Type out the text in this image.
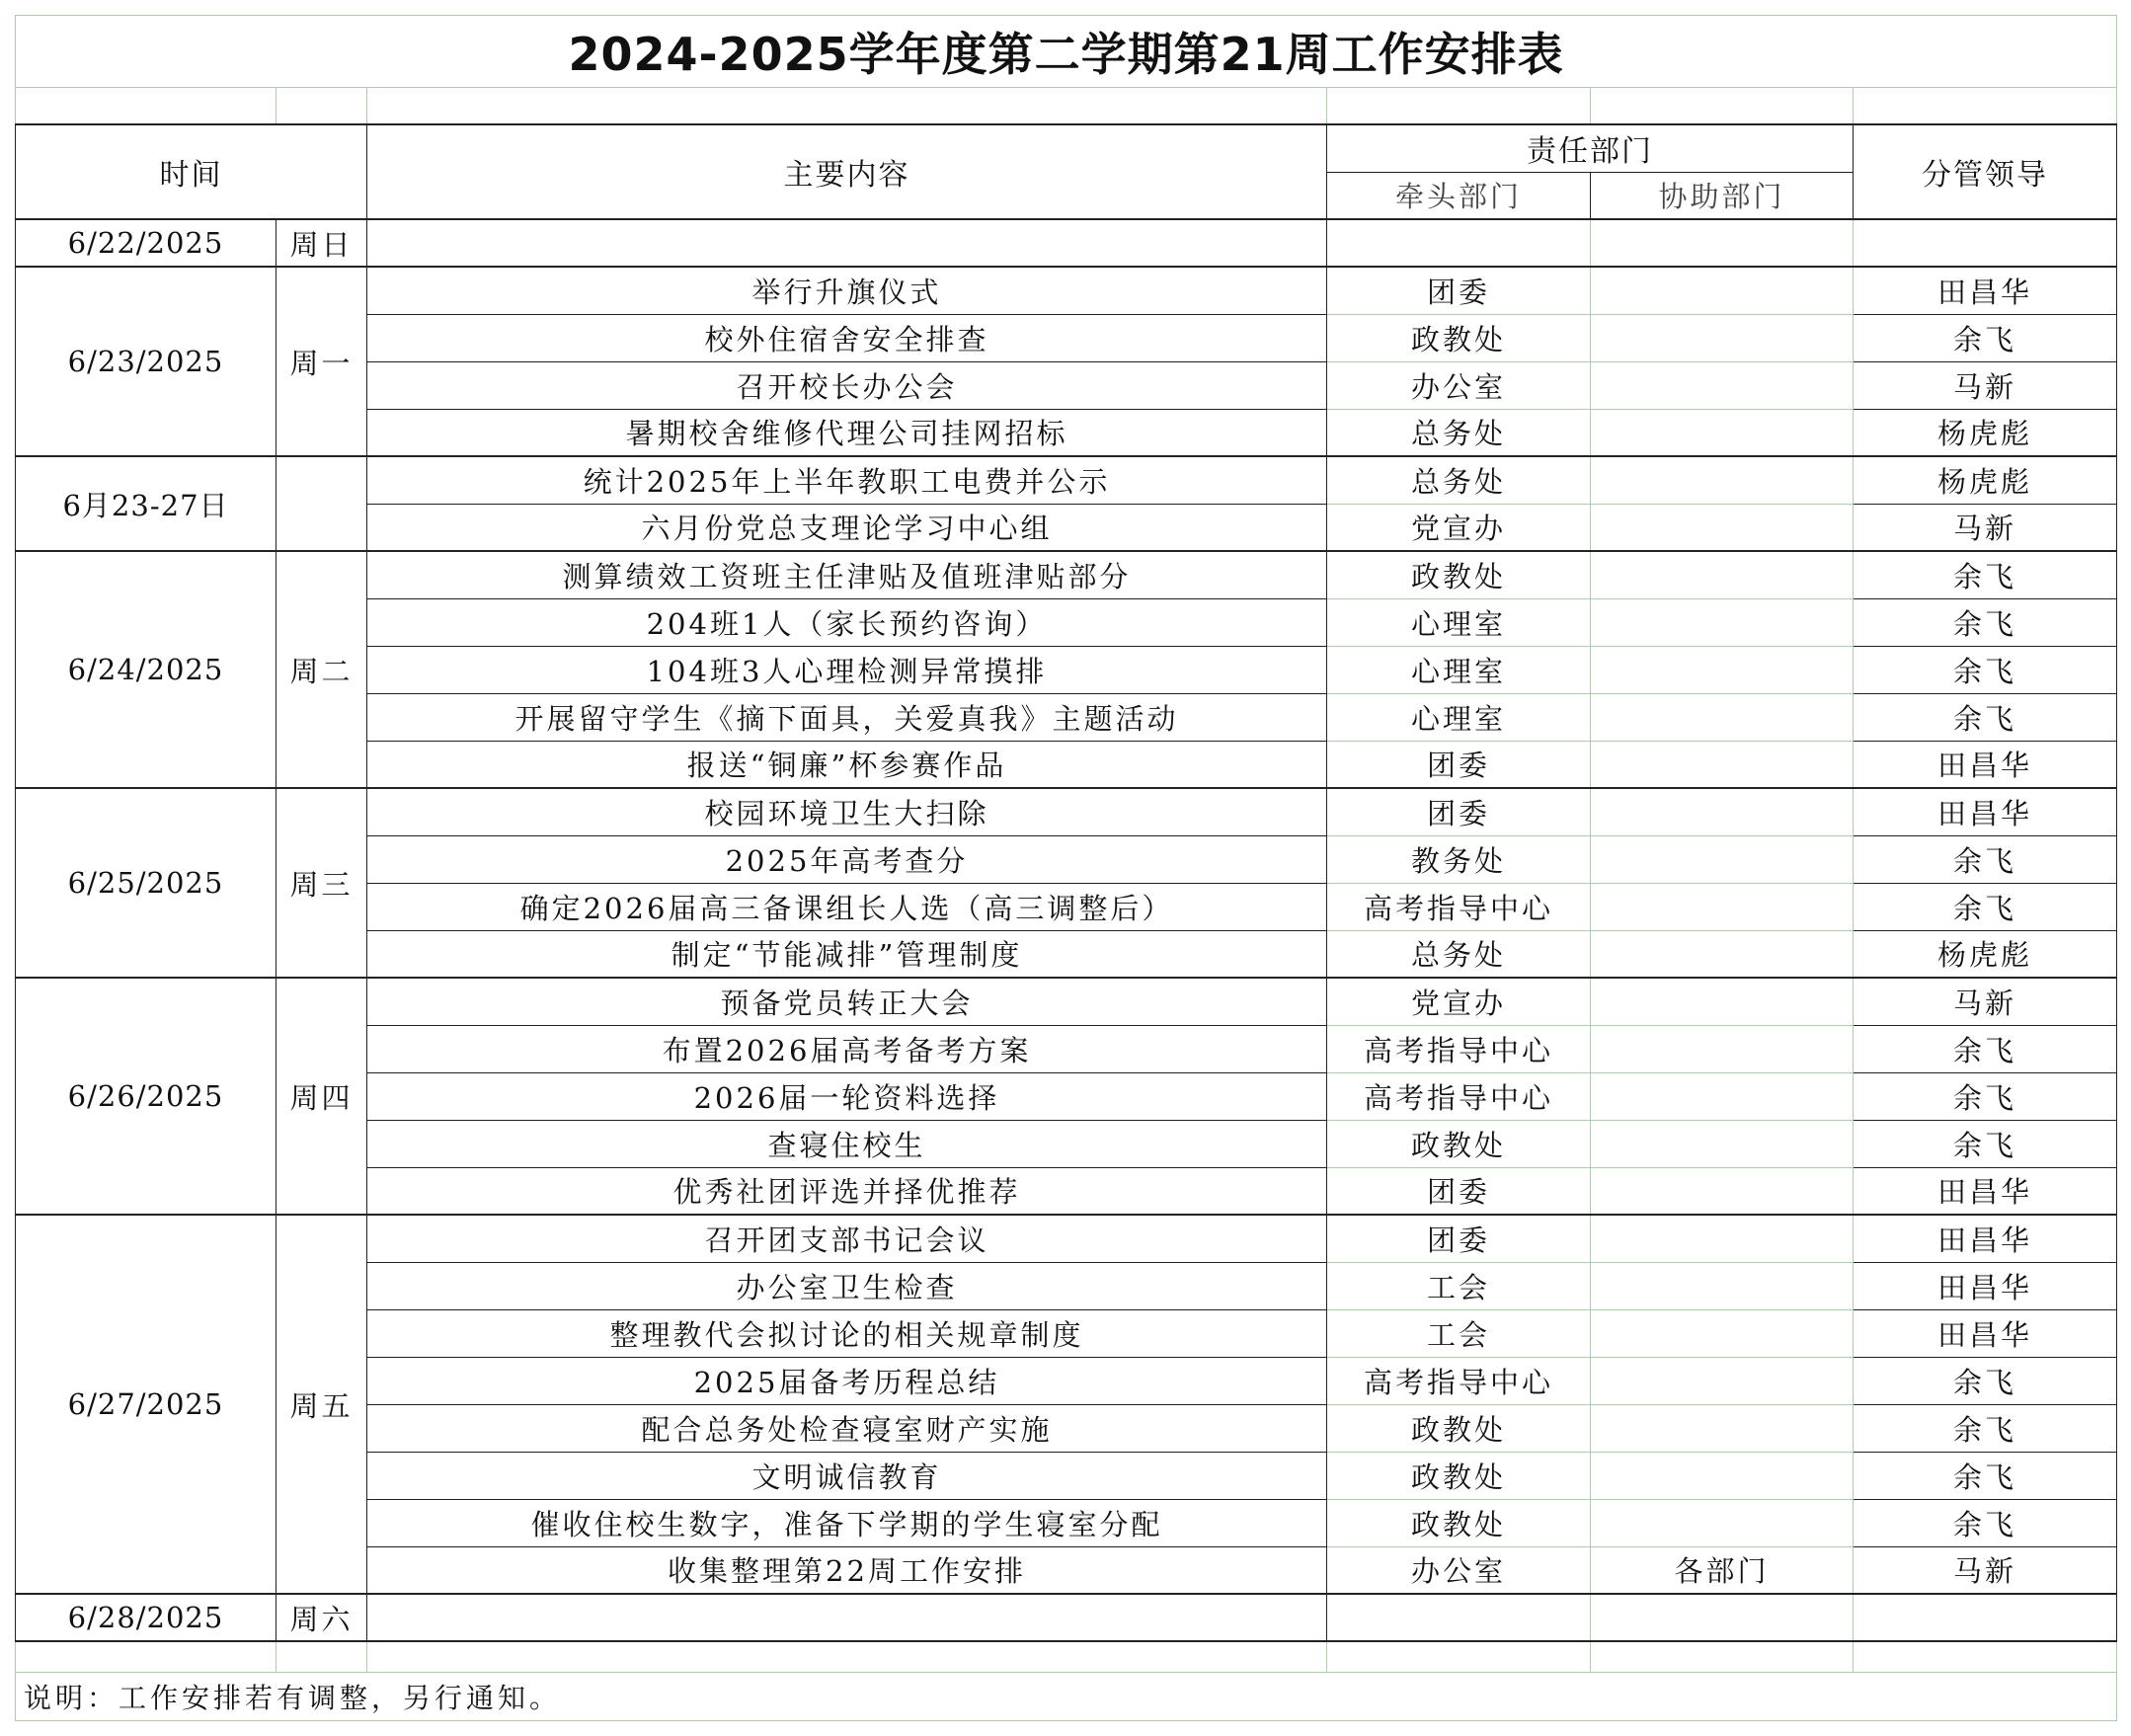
2024-2025学年度第二学期第21周工作安排表					

时间		主要内容	责任部门		分管领导
			牵头部门	协助部门	
6/22/2025	周日				
6/23/2025	周一	举行升旗仪式	团委		田昌华
		校外住宿舍安全排查	政教处		余飞
		召开校长办公会	办公室		马新
		暑期校舍维修代理公司挂网招标	总务处		杨虎彪
6月23-27日		统计2025年上半年教职工电费并公示	总务处		杨虎彪
		六月份党总支理论学习中心组	党宣办		马新
6/24/2025	周二	测算绩效工资班主任津贴及值班津贴部分	政教处		余飞
		204班1人（家长预约咨询）	心理室		余飞
		104班3人心理检测异常摸排	心理室		余飞
		开展留守学生《摘下面具，关爱真我》主题活动	心理室		余飞
		报送“铜廉”杯参赛作品	团委		田昌华
6/25/2025	周三	校园环境卫生大扫除	团委		田昌华
		2025年高考查分	教务处		余飞
		确定2026届高三备课组长人选（高三调整后）	高考指导中心		余飞
		制定“节能减排”管理制度	总务处		杨虎彪
6/26/2025	周四	预备党员转正大会	党宣办		马新
		布置2026届高考备考方案	高考指导中心		余飞
		2026届一轮资料选择	高考指导中心		余飞
		查寝住校生	政教处		余飞
		优秀社团评选并择优推荐	团委		田昌华
6/27/2025	周五	召开团支部书记会议	团委		田昌华
		办公室卫生检查	工会		田昌华
		整理教代会拟讨论的相关规章制度	工会		田昌华
		2025届备考历程总结	高考指导中心		余飞
		配合总务处检查寝室财产实施	政教处		余飞
		文明诚信教育	政教处		余飞
		催收住校生数字，准备下学期的学生寝室分配	政教处		余飞
		收集整理第22周工作安排	办公室	各部门	马新
6/28/2025	周六				

说明：工作安排若有调整，另行通知。					
